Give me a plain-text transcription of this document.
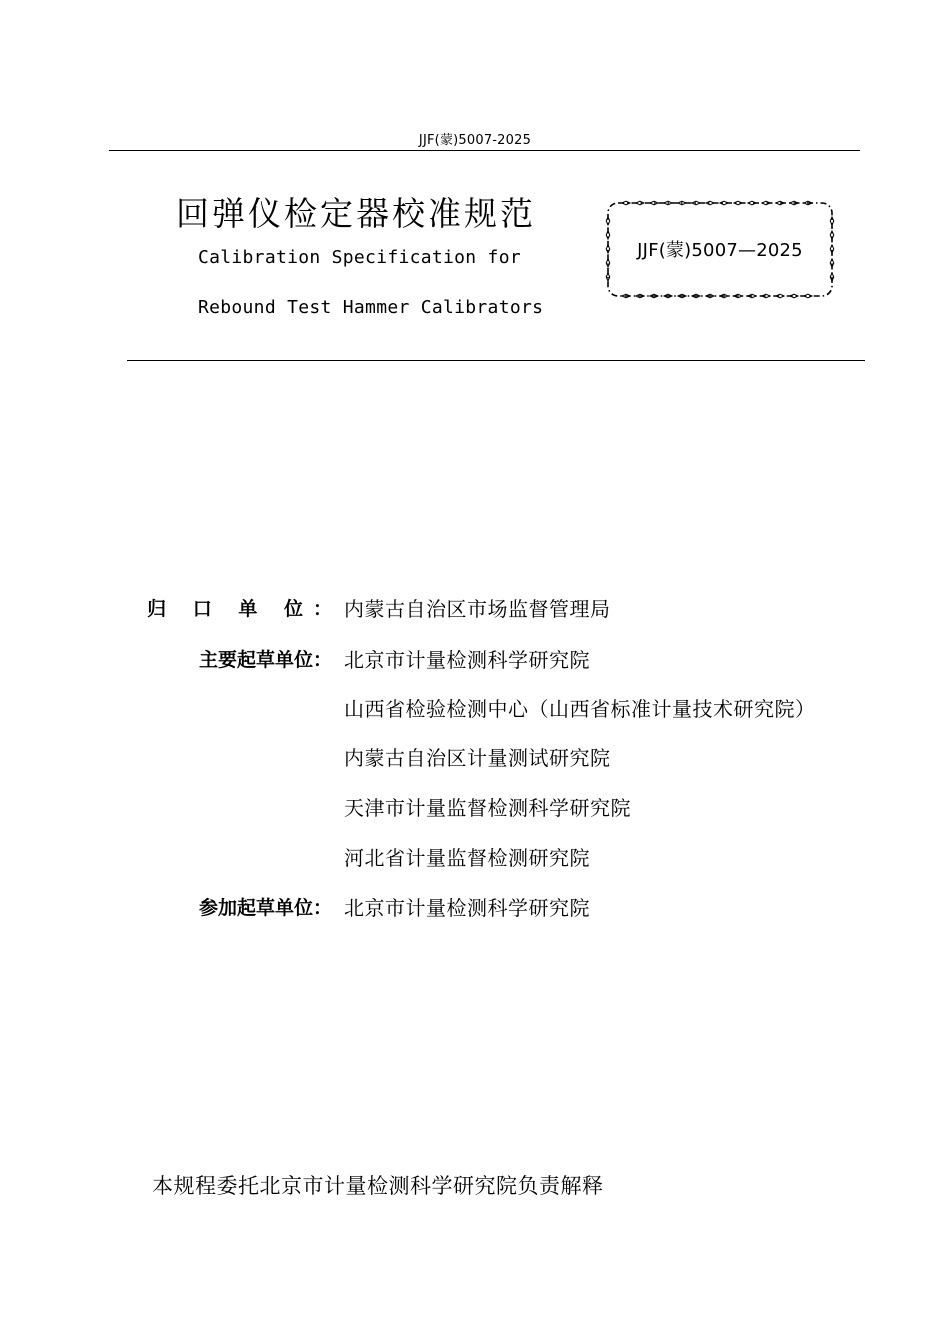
JJF(蒙)5007-2025
回弹仪检定器校准规范
Calibration Specification for
Rebound Test Hammer Calibrators
JJF(蒙)5007—2025
归 口 单 位： 内蒙古自治区市场监督管理局
主要起草单位： 北京市计量检测科学研究院
山西省检验检测中心（山西省标准计量技术研究院）
内蒙古自治区计量测试研究院
天津市计量监督检测科学研究院
河北省计量监督检测研究院
参加起草单位： 北京市计量检测科学研究院
本规程委托北京市计量检测科学研究院负责解释
